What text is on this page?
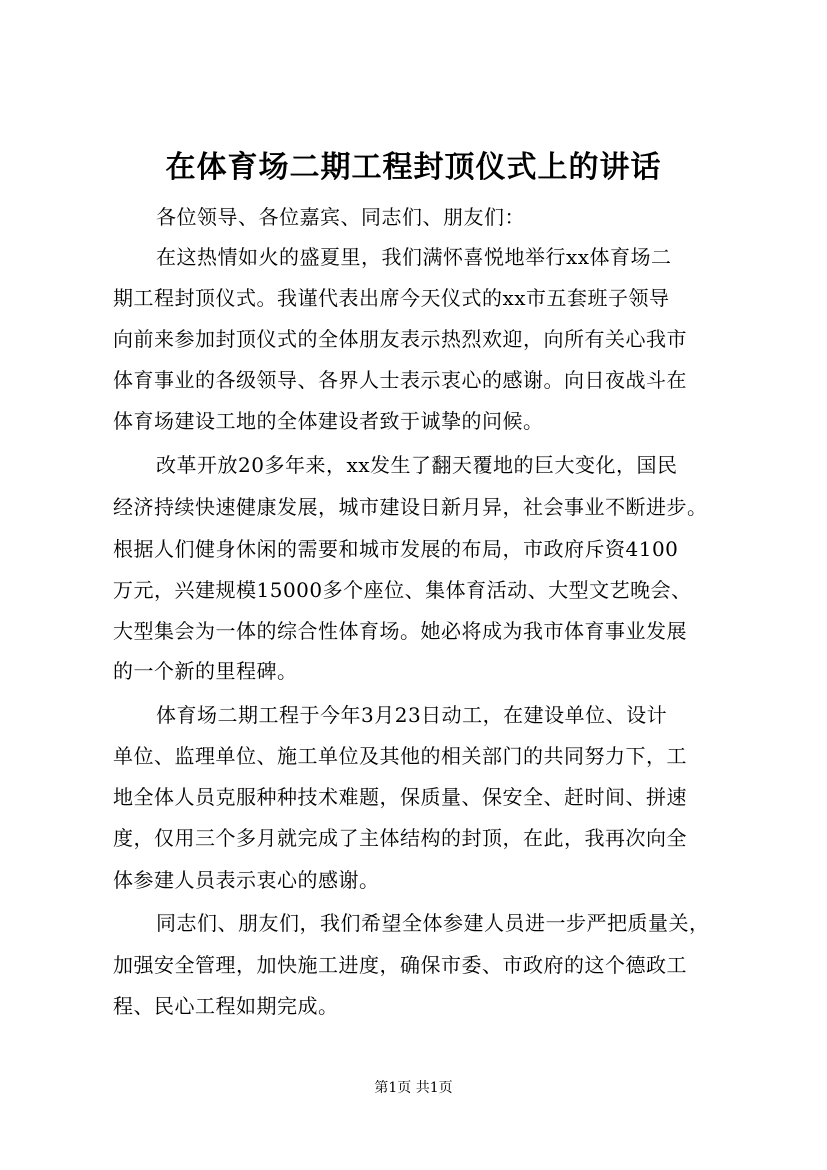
在体育场二期工程封顶仪式上的讲话
各位领导、各位嘉宾、同志们、朋友们：
在这热情如火的盛夏里，我们满怀喜悦地举行xx体育场二
期工程封顶仪式。我谨代表出席今天仪式的xx市五套班子领导
向前来参加封顶仪式的全体朋友表示热烈欢迎，向所有关心我市
体育事业的各级领导、各界人士表示衷心的感谢。向日夜战斗在
体育场建设工地的全体建设者致于诚挚的问候。
改革开放20多年来，xx发生了翻天覆地的巨大变化，国民
经济持续快速健康发展，城市建设日新月异，社会事业不断进步。
根据人们健身休闲的需要和城市发展的布局，市政府斥资4100
万元，兴建规模15000多个座位、集体育活动、大型文艺晚会、
大型集会为一体的综合性体育场。她必将成为我市体育事业发展
的一个新的里程碑。
体育场二期工程于今年3月23日动工，在建设单位、设计
单位、监理单位、施工单位及其他的相关部门的共同努力下，工
地全体人员克服种种技术难题，保质量、保安全、赶时间、拼速
度，仅用三个多月就完成了主体结构的封顶，在此，我再次向全
体参建人员表示衷心的感谢。
同志们、朋友们，我们希望全体参建人员进一步严把质量关，
加强安全管理，加快施工进度，确保市委、市政府的这个德政工
程、民心工程如期完成。
第1页 共1页
